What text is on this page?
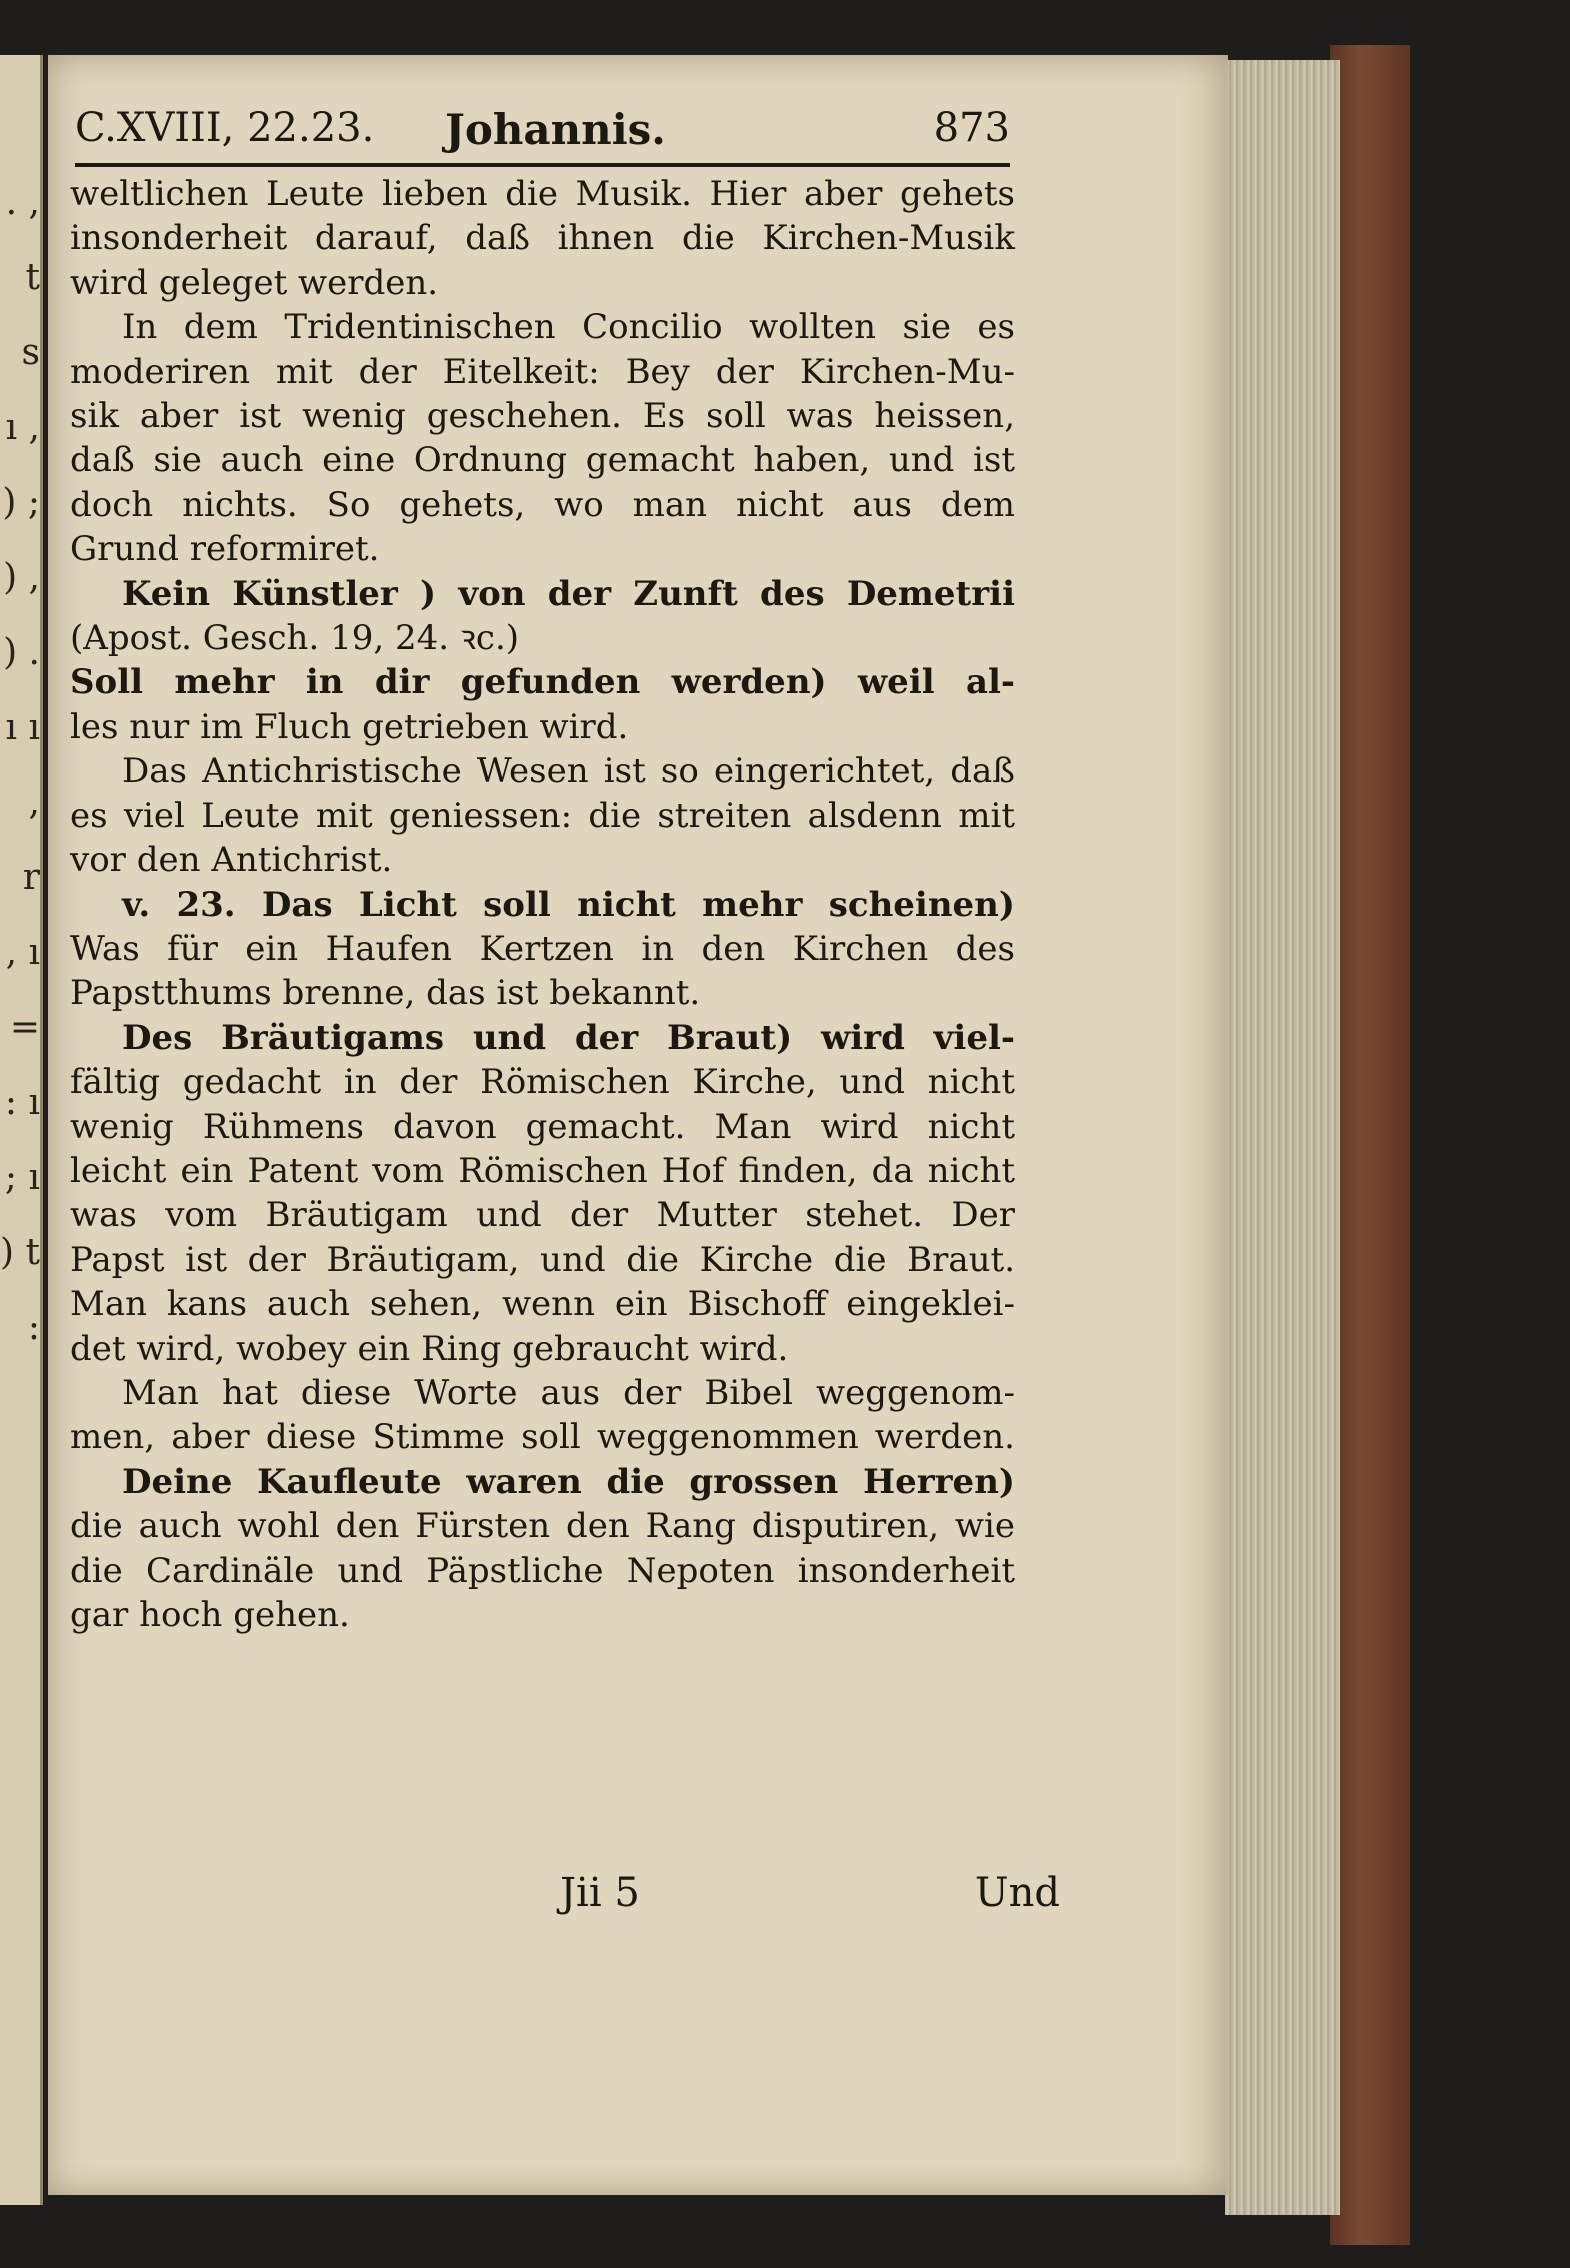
. , t s ı , ) ; ) , ) . ı ı , r , ı = : ı ; ı ) t :
C.XVIII, 22.23. Johannis.	873
weltlichen Leute lieben die Musik. Hier aber gehets
insonderheit darauf, daß ihnen die Kirchen-Musik
wird geleget werden.
In dem Tridentinischen Concilio wollten sie es
moderiren mit der Eitelkeit: Bey der Kirchen-Mu-
sik aber ist wenig geschehen. Es soll was heissen,
daß sie auch eine Ordnung gemacht haben, und ist
doch nichts. So gehets, wo man nicht aus dem
Grund reformiret.
Kein Künstler ) von der Zunft des Demetrii
(Apost. Gesch. 19, 24. ꝛc.)
Soll mehr in dir gefunden werden) weil al-
les nur im Fluch getrieben wird.
Das Antichristische Wesen ist so eingerichtet, daß
es viel Leute mit geniessen: die streiten alsdenn mit
vor den Antichrist.
v. 23. Das Licht soll nicht mehr scheinen)
Was für ein Haufen Kertzen in den Kirchen des
Papstthums brenne, das ist bekannt.
Des Bräutigams und der Braut) wird viel-
fältig gedacht in der Römischen Kirche, und nicht
wenig Rühmens davon gemacht. Man wird nicht
leicht ein Patent vom Römischen Hof finden, da nicht
was vom Bräutigam und der Mutter stehet. Der
Papst ist der Bräutigam, und die Kirche die Braut.
Man kans auch sehen, wenn ein Bischoff eingeklei-
det wird, wobey ein Ring gebraucht wird.
Man hat diese Worte aus der Bibel weggenom-
men, aber diese Stimme soll weggenommen werden.
Deine Kaufleute waren die grossen Herren)
die auch wohl den Fürsten den Rang disputiren, wie
die Cardinäle und Päpstliche Nepoten insonderheit
gar hoch gehen.
Jii 5	Und
